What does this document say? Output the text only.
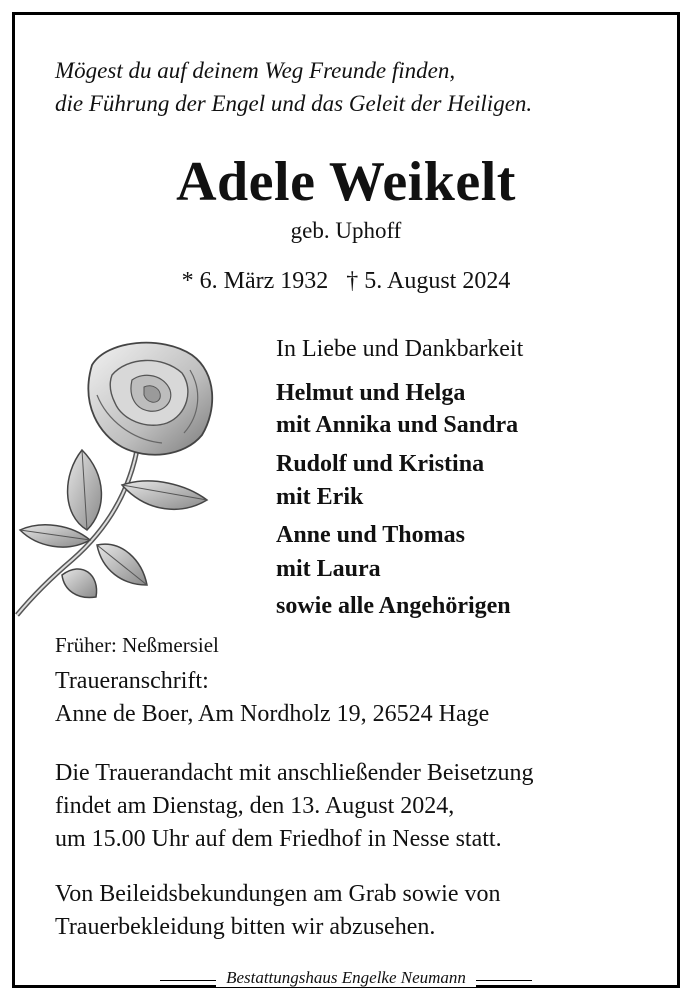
Mögest du auf deinem Weg Freunde finden,
die Führung der Engel und das Geleit der Heiligen.
Adele Weikelt
geb. Uphoff
* 6. März 1932   † 5. August 2024
In Liebe und Dankbarkeit
Helmut und Helga
mit Annika und Sandra
Rudolf und Kristina
mit Erik
Anne und Thomas
mit Laura
sowie alle Angehörigen
Früher: Neßmersiel
Traueranschrift:
Anne de Boer, Am Nordholz 19, 26524 Hage
Die Trauerandacht mit anschließender Beisetzung
findet am Dienstag, den 13. August 2024,
um 15.00 Uhr auf dem Friedhof in Nesse statt.
Von Beileidsbekundungen am Grab sowie von
Trauerbekleidung bitten wir abzusehen.
Bestattungshaus Engelke Neumann
